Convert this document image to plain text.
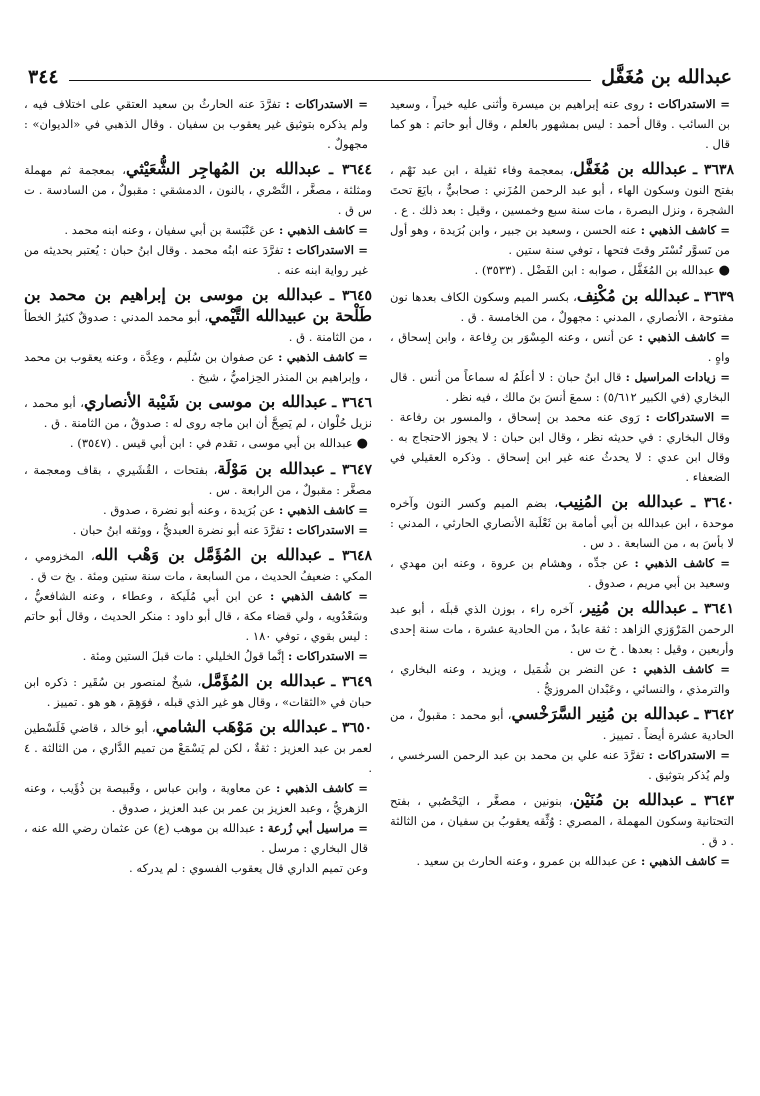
عبدالله بن مُغَفَّل
٣٤٤

= الاستدراكات : روى عنه إبراهيم بن ميسرة وأثنى عليه خيراً ، وسعيد بن السائب . وقال أحمد : ليس بمشهور بالعلم ، وقال أبو حاتم : هو كما قال .

٣٦٣٨ ـ عبدالله بن مُغَفَّل، بمعجمة وفاء ثقيلة ، ابن عبد نَهْم ، بفتح النون وسكون الهاء ، أبو عبد الرحمن المُزَني : صحابيٌّ ، بايَعَ تحتَ الشجرة ، ونزل البصرة ، مات سنة سبع وخمسين ، وقيل : بعد ذلك . ع .

= كاشف الذهبي : عنه الحسن ، وسعيد بن جبير ، وابن بُرَيدة ، وهو أول من تَسوَّر تُسْتَر وقتَ فتحها ، توفي سنة ستين .

●عبدالله بن المُغَفَّل ، صوابه : ابن الفَضْل . (٣٥٣٣) .

٣٦٣٩ ـ عبدالله بن مُكْنِف، بكسر الميم وسكون الكاف بعدها نون مفتوحة ، الأنصاري ، المدني : مجهولٌ ، من الخامسة . ق .

= كاشف الذهبي : عن أنس ، وعنه المِسْوَر بن رِفاعة ، وابن إسحاق ، واهٍ .

= زيادات المراسيل : قال ابنُ حبان : لا أعلَمُ له سماعاً من أنس . قال البخاري (في الكبير ٥/٦١٢) : سمعَ أنسَ بنَ مالك ، فيه نظر .

= الاستدراكات : رَوى عنه محمد بن إسحاق ، والمسور بن رفاعة . وقال البخاري : في حديثه نظر ، وقال ابن حبان : لا يجوز الاحتجاج به . وقال ابن عدي : لا يحدثُ عنه غير ابن إسحاق . وذكره العقيلي في الضعفاء .

٣٦٤٠ ـ عبدالله بن المُنِيب، بضم الميم وكسر النون وآخره موحدة ، ابن عبدالله بن أبي أمامة بن ثَعْلَبة الأنصاري الحارثي ، المدني : لا بأسَ به ، من السابعة . د س .

= كاشف الذهبي : عن جدِّه ، وهشام بن عروة ، وعنه ابن مهدي ، وسعيد بن أبي مريم ، صدوق .

٣٦٤١ ـ عبدالله بن مُنِير، آخره راء ، بوزن الذي قبلَه ، أبو عبد الرحمن المَرْوَزي الزاهد : ثقة عابدٌ ، من الحادية عشرة ، مات سنة إحدى وأربعين ، وقيل : بعدها . خ ت س .

= كاشف الذهبي : عن النضر بن شُمَيل ، ويزيد ، وعنه البخاري ، والترمذي ، والنسائي ، وعَبْدان المروزيُّ .

٣٦٤٢ ـ عبدالله بن مُنِير السَّرَخْسي، أبو محمد : مقبولٌ ، من الحادية عشرة أيضاً . تمييز .

= الاستدراكات : تفرَّدَ عنه علي بن محمد بن عبد الرحمن السرخسي ، ولم يُذكر بتوثيق .

٣٦٤٣ ـ عبدالله بن مُنَيْن، بنونين ، مصغَّر ، اليَحْصُبي ، بفتح التحتانية وسكون المهملة ، المصري : وُثِّقه يعقوبُ بن سفيان ، من الثالثة . د ق .

= كاشف الذهبي : عن عبدالله بن عمرو ، وعنه الحارث بن سعيد .

= الاستدراكات : تفرَّدَ عنه الحارثُ بن سعيد العتقي على اختلاف فيه ، ولم يذكره بتوثيق غير يعقوب بن سفيان . وقال الذهبي في «الديوان» : مجهولٌ .

٣٦٤٤ ـ عبدالله بن المُهاجِر الشُّعَيْثي، بمعجمة ثم مهملة ومثلثة ، مصغَّر ، النَّصْري ، بالنون ، الدمشقي : مقبولٌ ، من السادسة . ت س ق .

= كاشف الذهبي : عن عَنْبَسة بن أبي سفيان ، وعنه ابنه محمد .

= الاستدراكات : تفرَّدَ عنه ابنُه محمد . وقال ابنُ حبان : يُعتبر بحديثه من غير رواية ابنه عنه .

٣٦٤٥ ـ عبدالله بن موسى بن إبراهيم بن محمد بن طَلْحة بن عبيدالله التَّيْمي، أبو محمد المدني : صدوقٌ كثيرُ الخطأ ، من الثامنة . ق .

= كاشف الذهبي : عن صفوان بن سُلَيم ، وعِدَّة ، وعنه يعقوب بن محمد ، وإبراهيم بن المنذر الحِزاميُّ ، شيخ .

٣٦٤٦ ـ عبدالله بن موسى بن شَيْبة الأنصاري، أبو محمد ، نزيل حُلْوان ، لم يَصِحَّ أن ابن ماجه روى له : صدوقٌ ، من الثامنة . ق .

●عبدالله بن أبي موسى ، تقدم في : ابن أبي قيس . (٣٥٤٧) .

٣٦٤٧ ـ عبدالله بن مَوْلَة، بفتحات ، القُشَيري ، بقاف ومعجمة ، مصغَّر : مقبولٌ ، من الرابعة . س .

= كاشف الذهبي : عن بُرَيدة ، وعنه أبو نضرة ، صدوق .

= الاستدراكات : تفرَّدَ عنه أبو نضرة العبديُّ ، ووثقه ابنُ حبان .

٣٦٤٨ ـ عبدالله بن المُؤَمَّل بن وَهْب الله، المخزومي ، المكي : ضعيفُ الحديث ، من السابعة ، مات سنة ستين ومئة . بخ ت ق .

= كاشف الذهبي : عن ابن أبي مُلَيكة ، وعطاء ، وعنه الشافعيُّ ، وسَعْدُويه ، ولي قضاء مكة ، قال أبو داود : منكر الحديث ، وقال أبو حاتم : ليس بقوي ، توفي ١٨٠ .

= الاستدراكات : إنَّما قولُ الخليلي : مات قبلَ الستين ومئة .

٣٦٤٩ ـ عبدالله بن المُؤَمَّل، شيخٌ لمنصور بن سُقَير : ذكره ابن حبان في «الثقات» ، وقال هو غير الذي قبله ، فوَهِمَ ، هو هو . تمييز .

٣٦٥٠ ـ عبدالله بن مَوْهَب الشامي، أبو خالد ، قاضي فَلَسْطين لعمر بن عبد العزيز : ثقةٌ ، لكن لم يَسْمَعْ من تميم الدَّاري ، من الثالثة . ٤ .

= كاشف الذهبي : عن معاوية ، وابن عباس ، وقَبيصة بن ذُؤَيب ، وعنه الزهريُّ ، وعبد العزيز بن عمر بن عبد العزيز ، صدوق .

= مراسيل أبي زُرعة : عبدالله بن موهب (ع) عن عثمان رضي الله عنه ، قال البخاري : مرسل .

وعن تميم الداري قال يعقوب الفسوي : لم يدركه .
